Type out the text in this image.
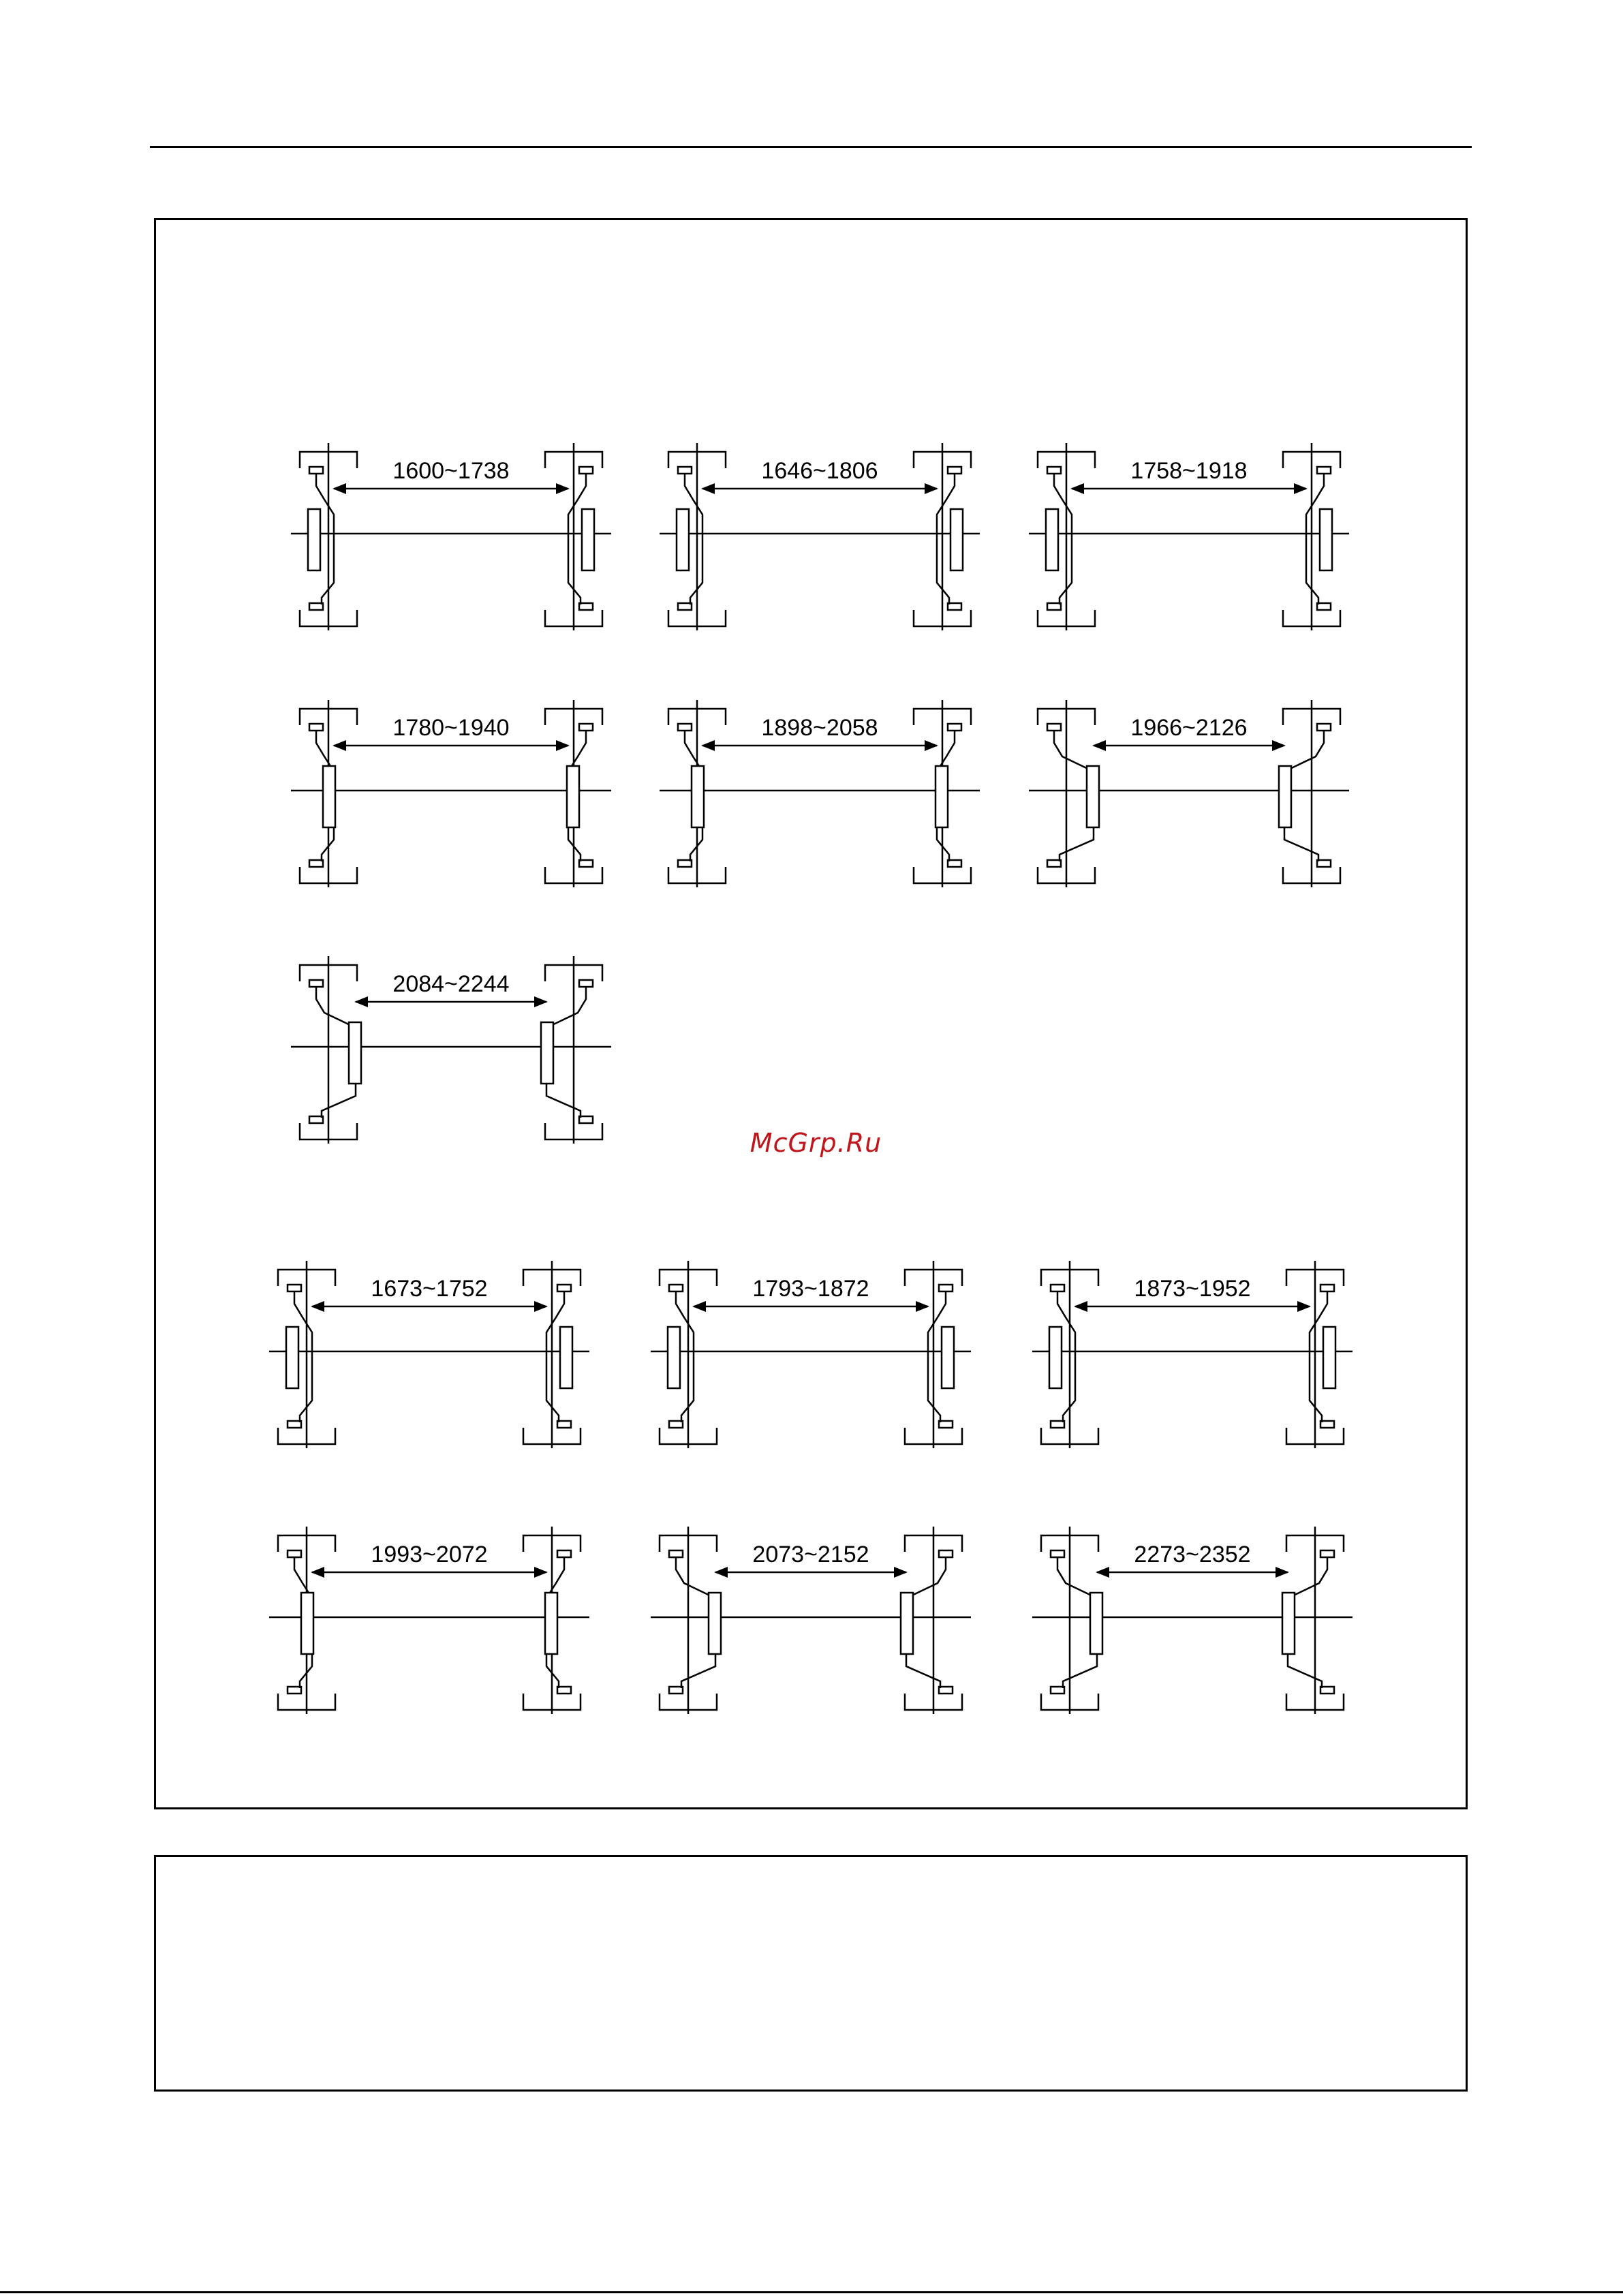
1600~1738	1646~1806	1758~1918
1780~1940	1898~2058	1966~2126
2084~2244
1673~1752	1793~1872	1873~1952
1993~2072	2073~2152	2273~2352
McGrp.Ru
